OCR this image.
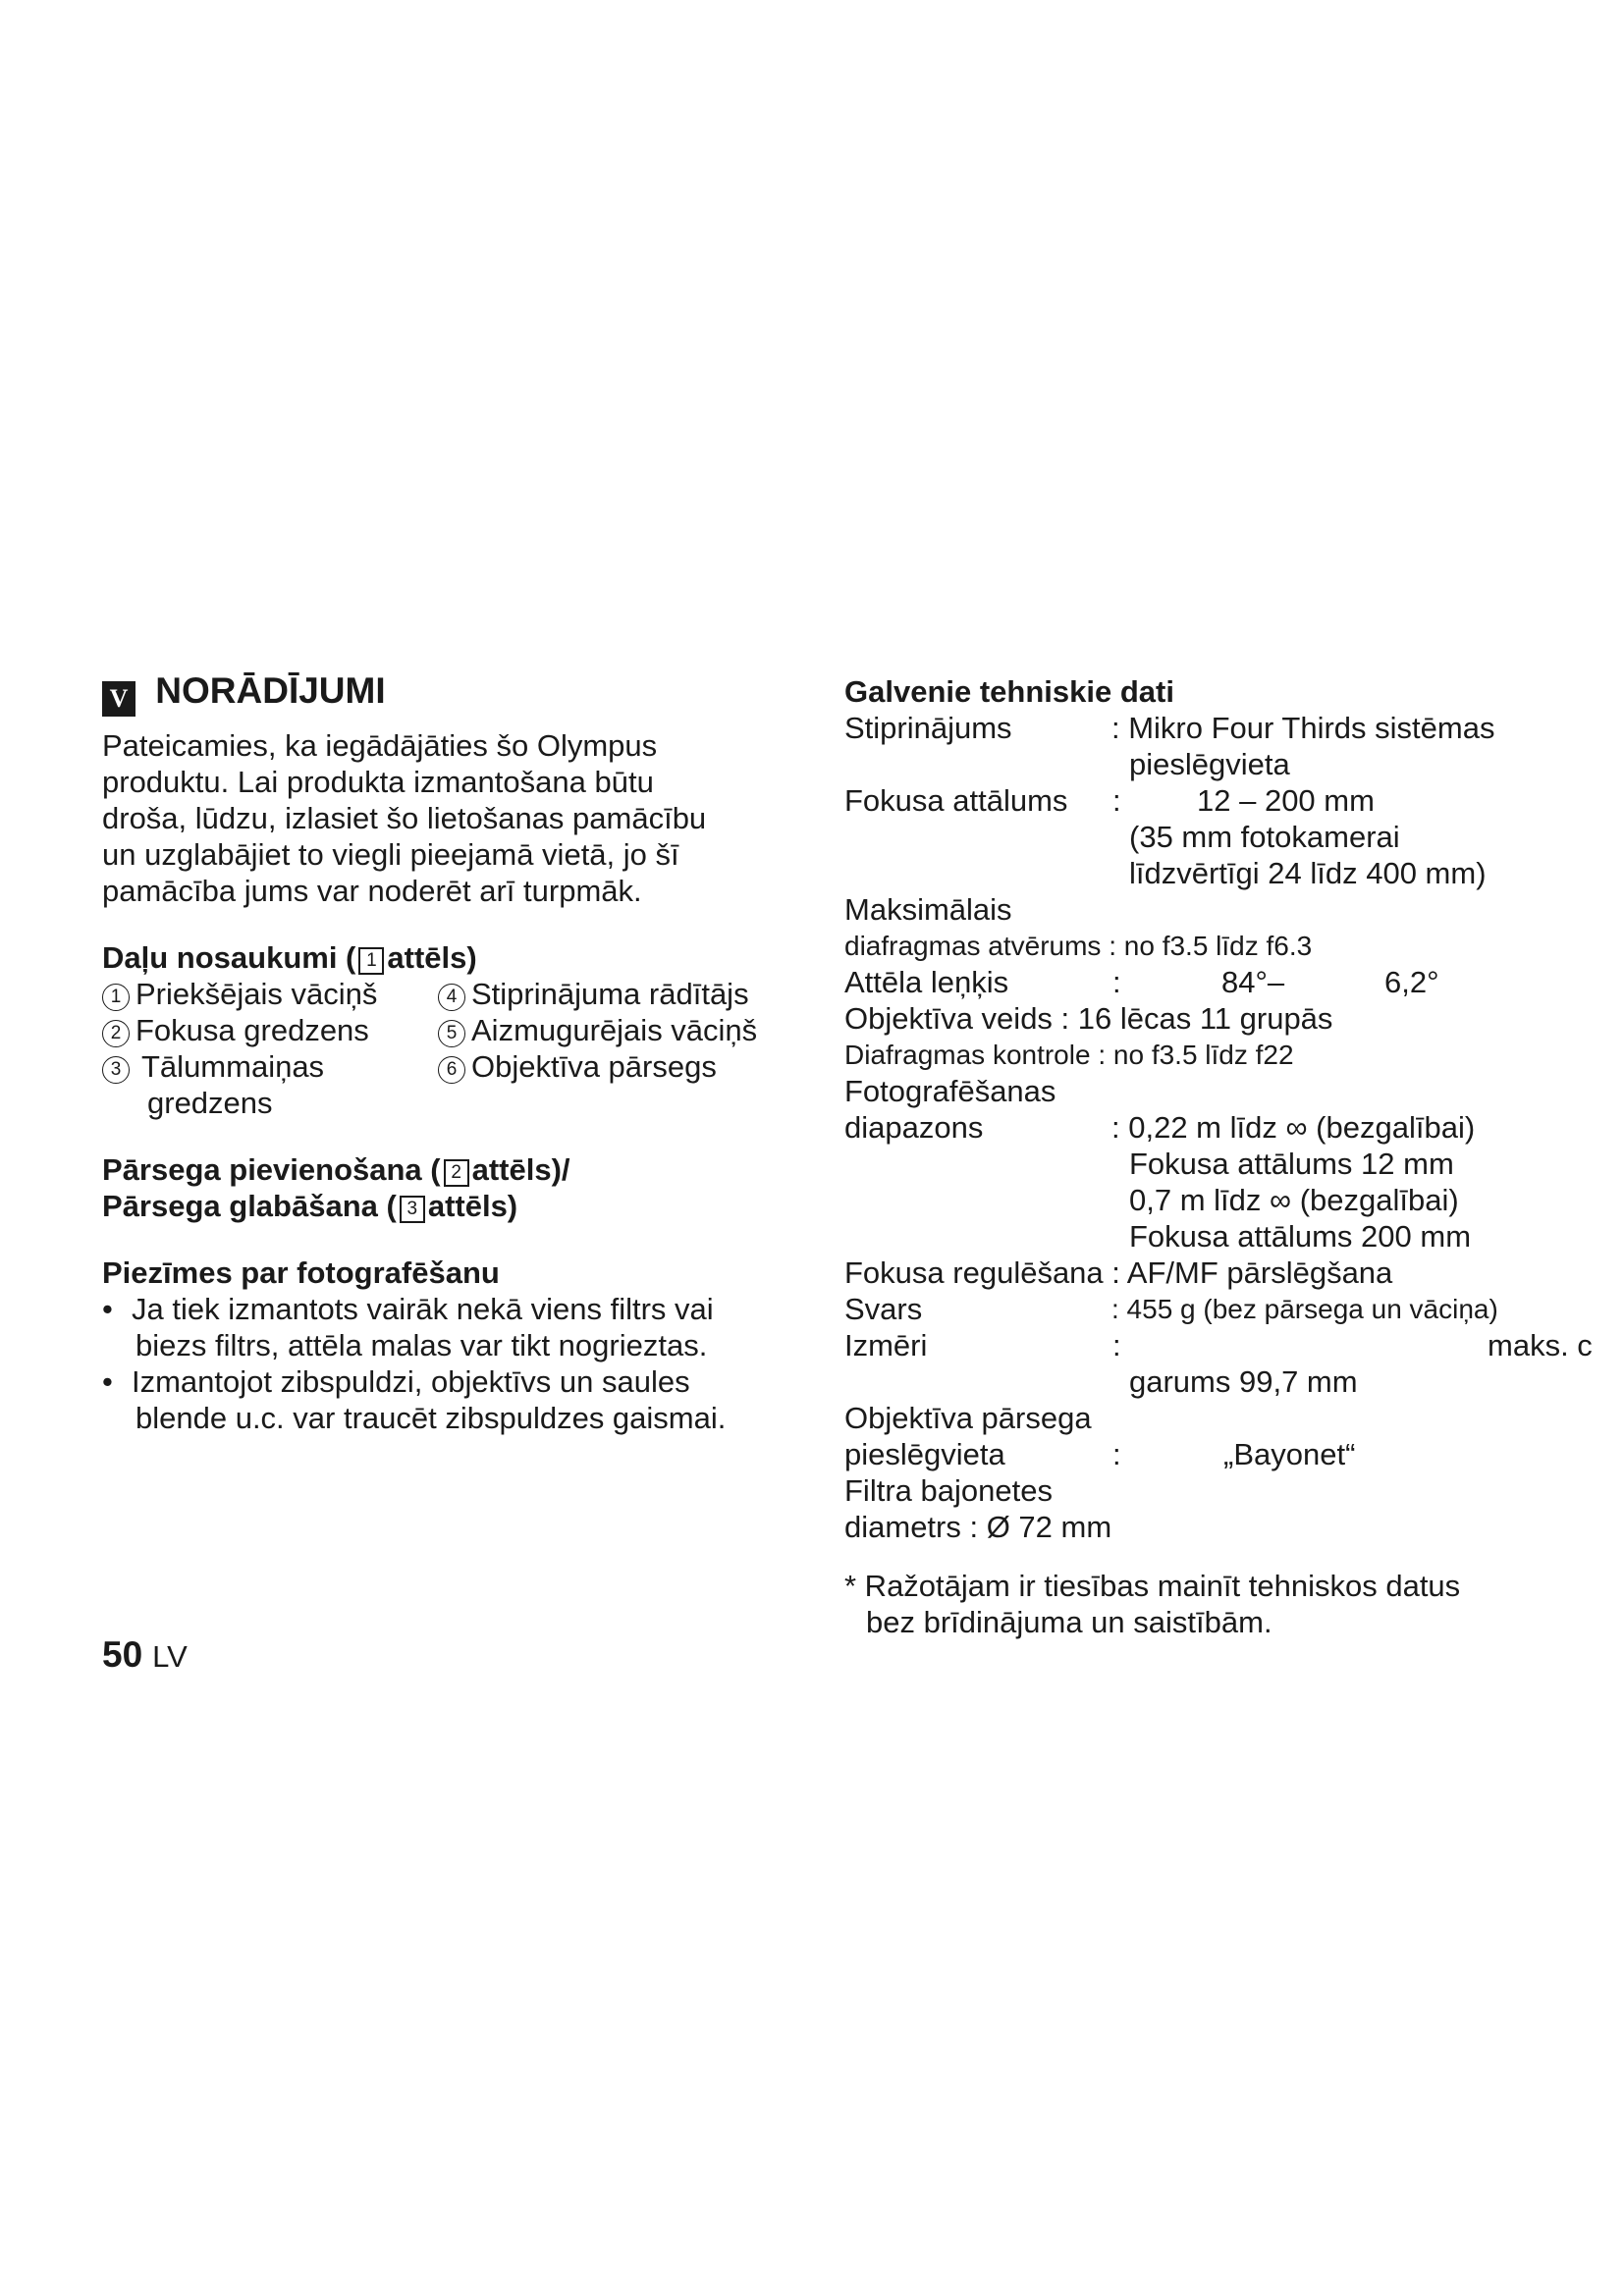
V NORĀDĪJUMI
Pateicamies, ka iegādājāties šo Olympus
produktu. Lai produkta izmantošana būtu
droša, lūdzu, izlasiet šo lietošanas pamācību
un uzglabājiet to viegli pieejamā vietā, jo šī
pamācība jums var noderēt arī turpmāk.
Daļu nosaukumi ( 1 attēls)
1 Priekšējais vāciņš
2 Fokusa gredzens
3 Tālummaiņas
gredzens
4 Stiprinājuma rādītājs
5 Aizmugurējais vāciņš
6 Objektīva pārsegs
Pārsega pievienošana ( 2 attēls)/
Pārsega glabāšana ( 3 attēls)
Piezīmes par fotografēšanu
• Ja tiek izmantots vairāk nekā viens filtrs vai
biezs filtrs, attēla malas var tikt nogrieztas.
• Izmantojot zibspuldzi, objektīvs un saules
blende u.c. var traucēt zibspuldzes gaismai.
50 LV
Galvenie tehniskie dati
Stiprinājums	: Mikro Four Thirds sistēmas
pieslēgvieta
Fokusa attālums : 12 – 200 mm
(35 mm fotokamerai
līdzvērtīgi 24 līdz 400 mm)
Maksimālais
diafragmas atvērums : no f3.5 līdz f6.3
Attēla leņķis	:	84°–	6,2°
Objektīva veids : 16 lēcas 11 grupās
Diafragmas kontrole : no f3.5 līdz f22
Fotografēšanas
diapazons	: 0,22 m līdz ∞ (bezgalībai)
Fokusa attālums 12 mm
0,7 m līdz ∞ (bezgalībai)
Fokusa attālums 200 mm
Fokusa regulēšana : AF/MF pārslēgšana
Svars	: 455 g (bez pārsega un vāciņa)
Izmēri	:	maks. c
garums 99,7 mm
Objektīva pārsega
pieslēgvieta	:	„Bayonet“
Filtra bajonetes
diametrs : Ø 72 mm
* Ražotājam ir tiesības mainīt tehniskos datus
bez brīdinājuma un saistībām.
